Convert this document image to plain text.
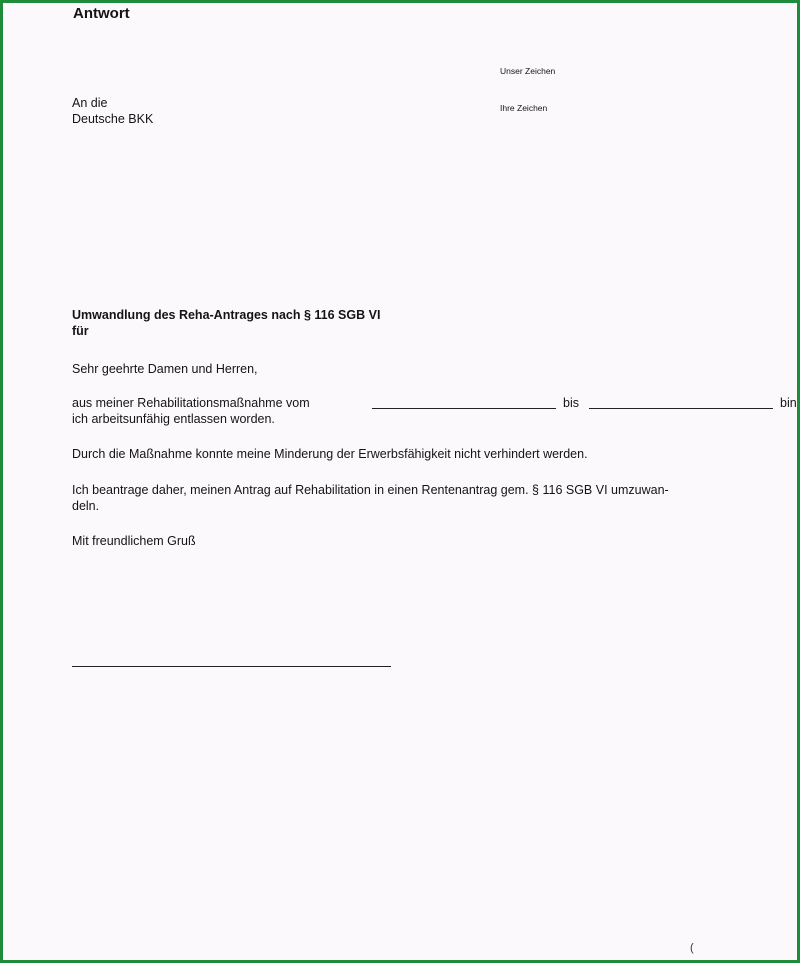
Antwort
An die
Deutsche BKK
Unser Zeichen
Ihre Zeichen
Umwandlung des Reha-Antrages nach § 116 SGB VI
für
Sehr geehrte Damen und Herren,
aus meiner Rehabilitationsmaßnahme vom	bis	bin
ich arbeitsunfähig entlassen worden.
Durch die Maßnahme konnte meine Minderung der Erwerbsfähigkeit nicht verhindert werden.
Ich beantrage daher, meinen Antrag auf Rehabilitation in einen Rentenantrag gem. § 116 SGB VI umzuwan-
deln.
Mit freundlichem Gruß
(
